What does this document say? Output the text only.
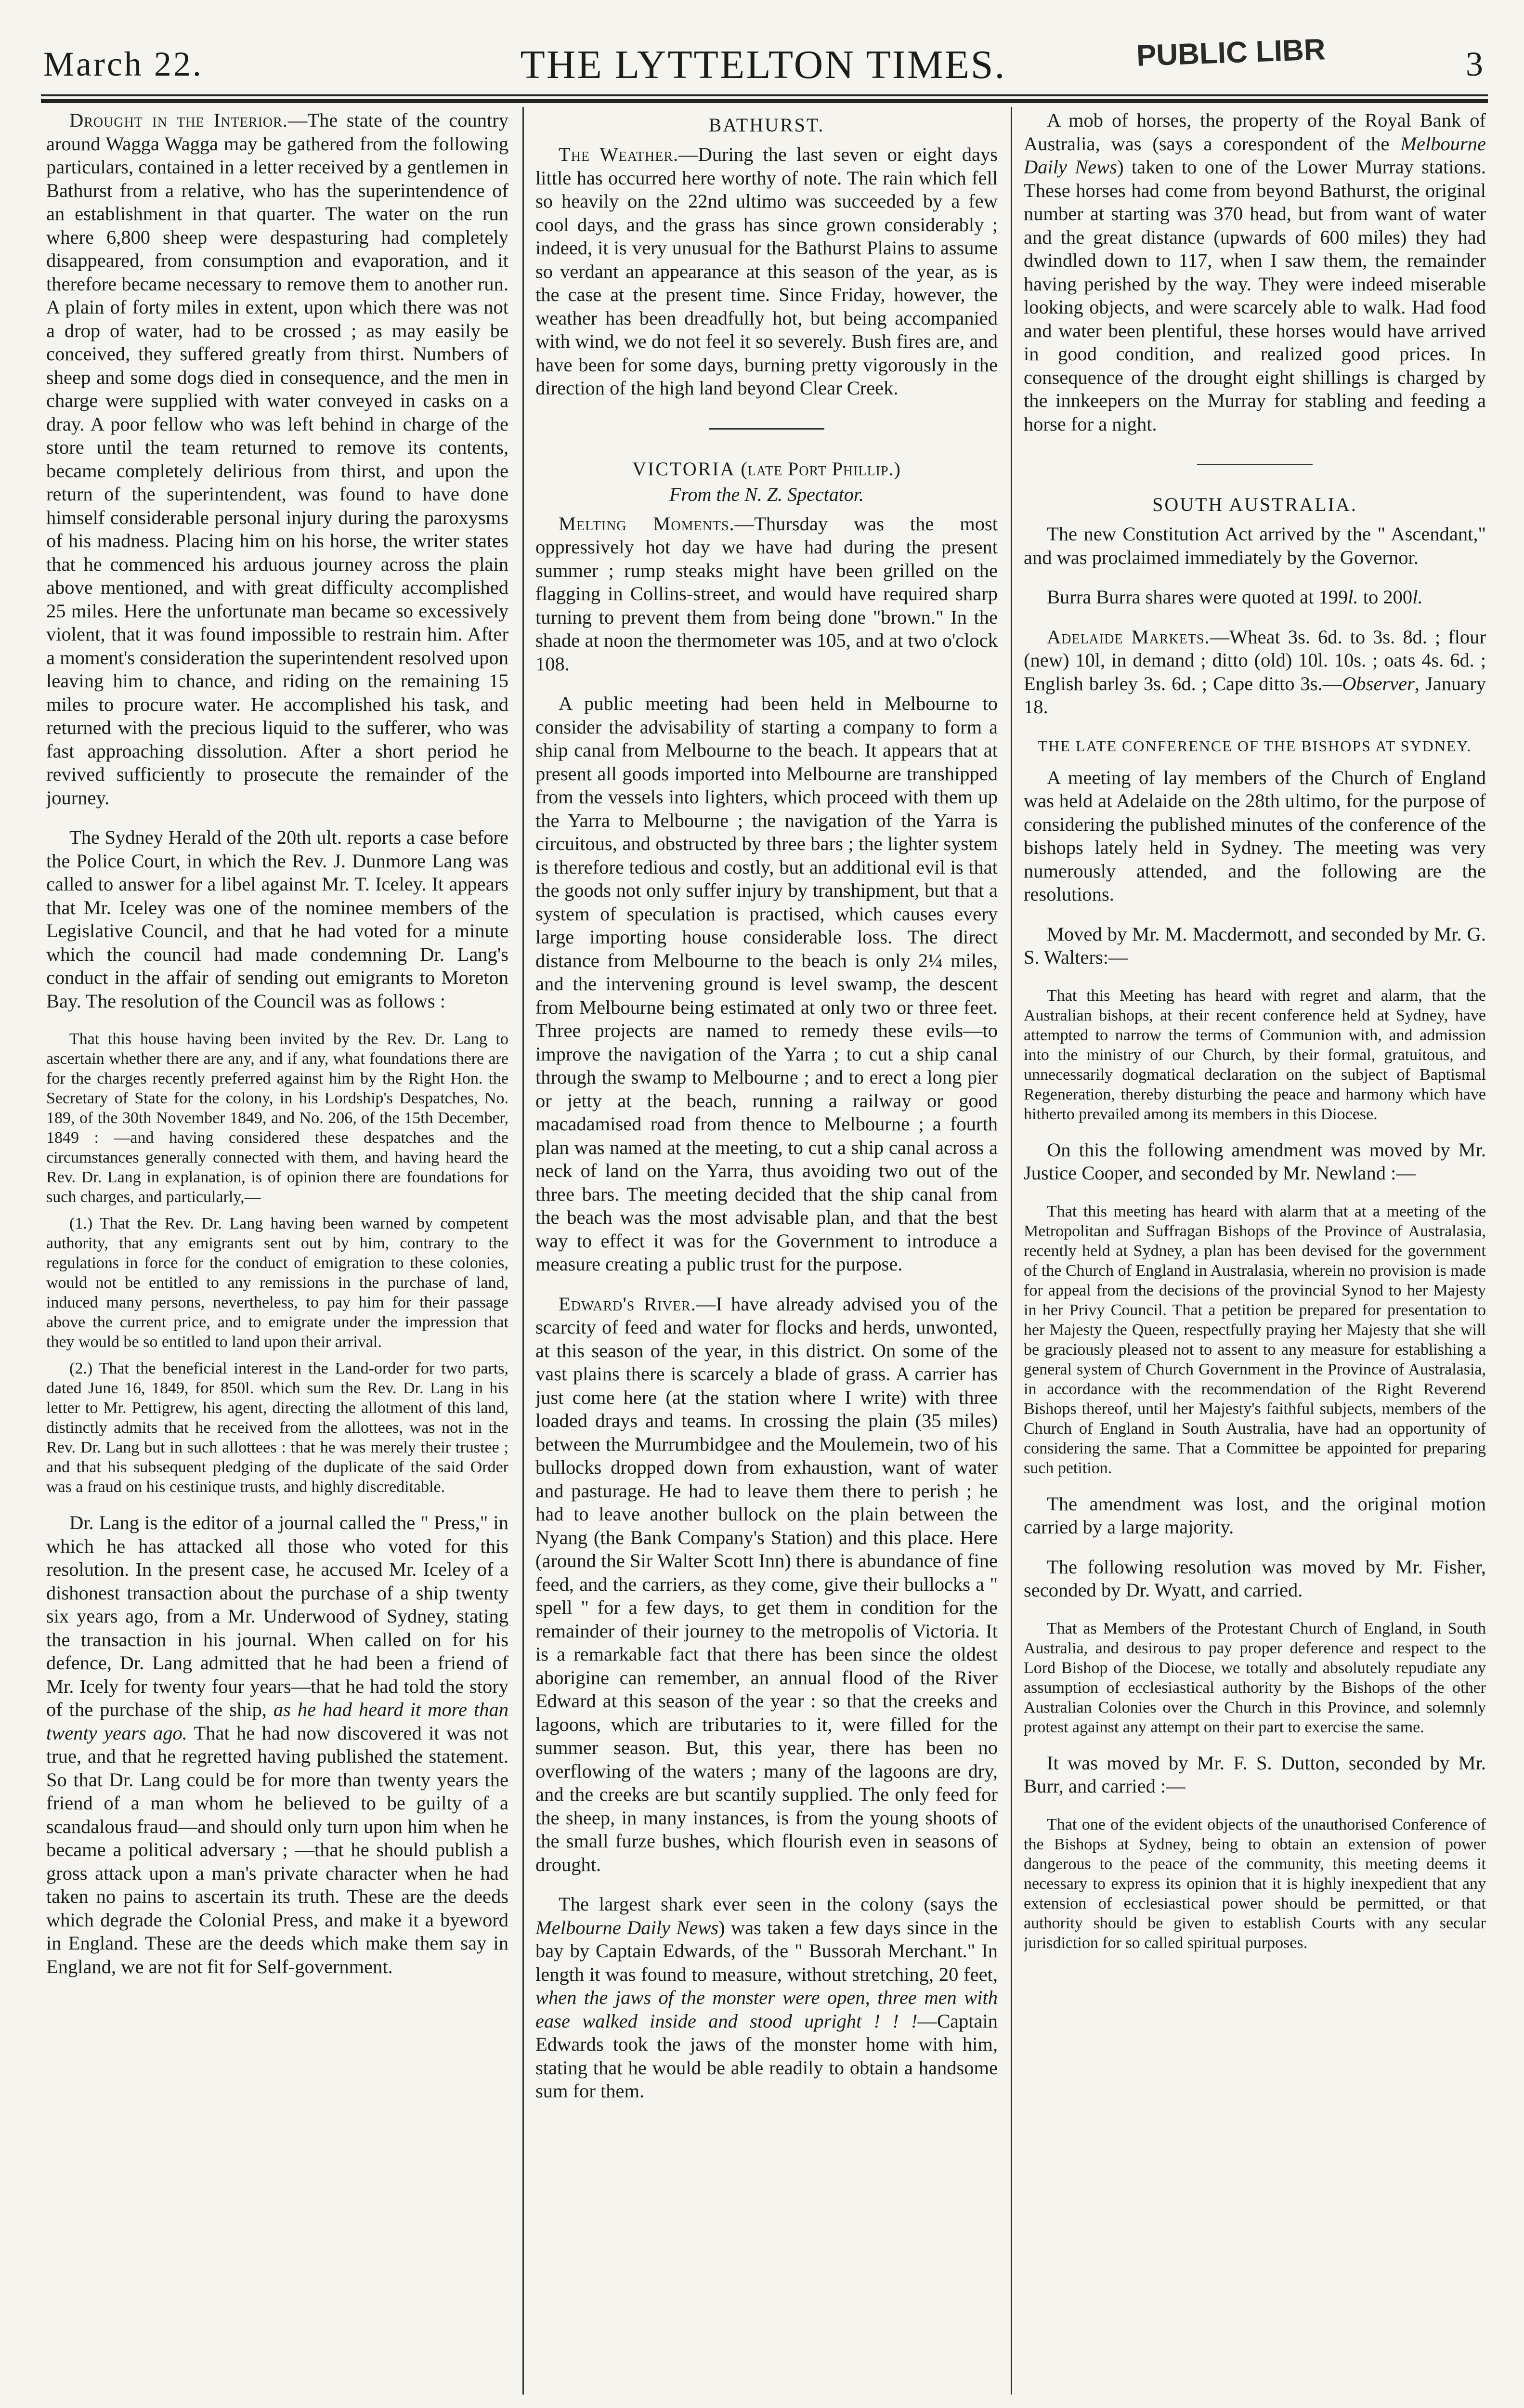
March 22.	THE LYTTELTON TIMES.	PUBLIC LIBR	3

Drought in the Interior.—The state of the country around Wagga Wagga may be gathered from the following particulars, contained in a letter received by a gentlemen in Bathurst from a relative, who has the superintendence of an establishment in that quarter. The water on the run where 6,800 sheep were despasturing had completely disappeared, from consumption and evaporation, and it therefore became necessary to remove them to another run. A plain of forty miles in extent, upon which there was not a drop of water, had to be crossed ; as may easily be conceived, they suffered greatly from thirst. Numbers of sheep and some dogs died in consequence, and the men in charge were supplied with water conveyed in casks on a dray. A poor fellow who was left behind in charge of the store until the team returned to remove its contents, became completely delirious from thirst, and upon the return of the superintendent, was found to have done himself considerable personal injury during the paroxysms of his madness. Placing him on his horse, the writer states that he commenced his arduous journey across the plain above mentioned, and with great difficulty accomplished 25 miles. Here the unfortunate man became so excessively violent, that it was found impossible to restrain him. After a moment's consideration the superintendent resolved upon leaving him to chance, and riding on the remaining 15 miles to procure water. He accomplished his task, and returned with the precious liquid to the sufferer, who was fast approaching dissolution. After a short period he revived sufficiently to prosecute the remainder of the journey.

The Sydney Herald of the 20th ult. reports a case before the Police Court, in which the Rev. J. Dunmore Lang was called to answer for a libel against Mr. T. Iceley. It appears that Mr. Iceley was one of the nominee members of the Legislative Council, and that he had voted for a minute which the council had made condemning Dr. Lang's conduct in the affair of sending out emigrants to Moreton Bay. The resolution of the Council was as follows :

That this house having been invited by the Rev. Dr. Lang to ascertain whether there are any, and if any, what foundations there are for the charges recently preferred against him by the Right Hon. the Secretary of State for the colony, in his Lordship's Despatches, No. 189, of the 30th November 1849, and No. 206, of the 15th December, 1849 : —and having considered these despatches and the circumstances generally connected with them, and having heard the Rev. Dr. Lang in explanation, is of opinion there are foundations for such charges, and particularly,—

(1.) That the Rev. Dr. Lang having been warned by competent authority, that any emigrants sent out by him, contrary to the regulations in force for the conduct of emigration to these colonies, would not be entitled to any remissions in the purchase of land, induced many persons, nevertheless, to pay him for their passage above the current price, and to emigrate under the impression that they would be so entitled to land upon their arrival.

(2.) That the beneficial interest in the Land-order for two parts, dated June 16, 1849, for 850l. which sum the Rev. Dr. Lang in his letter to Mr. Pettigrew, his agent, directing the allotment of this land, distinctly admits that he received from the allottees, was not in the Rev. Dr. Lang but in such allottees : that he was merely their trustee ; and that his subsequent pledging of the duplicate of the said Order was a fraud on his cestinique trusts, and highly discreditable.

Dr. Lang is the editor of a journal called the " Press," in which he has attacked all those who voted for this resolution. In the present case, he accused Mr. Iceley of a dishonest transaction about the purchase of a ship twenty six years ago, from a Mr. Underwood of Sydney, stating the transaction in his journal. When called on for his defence, Dr. Lang admitted that he had been a friend of Mr. Icely for twenty four years—that he had told the story of the purchase of the ship, as he had heard it more than twenty years ago. That he had now discovered it was not true, and that he regretted having published the statement. So that Dr. Lang could be for more than twenty years the friend of a man whom he believed to be guilty of a scandalous fraud—and should only turn upon him when he became a political adversary ; —that he should publish a gross attack upon a man's private character when he had taken no pains to ascertain its truth. These are the deeds which degrade the Colonial Press, and make it a byeword in England. These are the deeds which make them say in England, we are not fit for Self-government.

BATHURST.

The Weather.—During the last seven or eight days little has occurred here worthy of note. The rain which fell so heavily on the 22nd ultimo was succeeded by a few cool days, and the grass has since grown considerably ; indeed, it is very unusual for the Bathurst Plains to assume so verdant an appearance at this season of the year, as is the case at the present time. Since Friday, however, the weather has been dreadfully hot, but being accompanied with wind, we do not feel it so severely. Bush fires are, and have been for some days, burning pretty vigorously in the direction of the high land beyond Clear Creek.

VICTORIA (late Port Phillip.)
From the N. Z. Spectator.

Melting Moments.—Thursday was the most oppressively hot day we have had during the present summer ; rump steaks might have been grilled on the flagging in Collins-street, and would have required sharp turning to prevent them from being done "brown." In the shade at noon the thermometer was 105, and at two o'clock 108.

A public meeting had been held in Melbourne to consider the advisability of starting a company to form a ship canal from Melbourne to the beach. It appears that at present all goods imported into Melbourne are transhipped from the vessels into lighters, which proceed with them up the Yarra to Melbourne ; the navigation of the Yarra is circuitous, and obstructed by three bars ; the lighter system is therefore tedious and costly, but an additional evil is that the goods not only suffer injury by transhipment, but that a system of speculation is practised, which causes every large importing house considerable loss. The direct distance from Melbourne to the beach is only 2¼ miles, and the intervening ground is level swamp, the descent from Melbourne being estimated at only two or three feet. Three projects are named to remedy these evils—to improve the navigation of the Yarra ; to cut a ship canal through the swamp to Melbourne ; and to erect a long pier or jetty at the beach, running a railway or good macadamised road from thence to Melbourne ; a fourth plan was named at the meeting, to cut a ship canal across a neck of land on the Yarra, thus avoiding two out of the three bars. The meeting decided that the ship canal from the beach was the most advisable plan, and that the best way to effect it was for the Government to introduce a measure creating a public trust for the purpose.

Edward's River.—I have already advised you of the scarcity of feed and water for flocks and herds, unwonted, at this season of the year, in this district. On some of the vast plains there is scarcely a blade of grass. A carrier has just come here (at the station where I write) with three loaded drays and teams. In crossing the plain (35 miles) between the Murrumbidgee and the Moulemein, two of his bullocks dropped down from exhaustion, want of water and pasturage. He had to leave them there to perish ; he had to leave another bullock on the plain between the Nyang (the Bank Company's Station) and this place. Here (around the Sir Walter Scott Inn) there is abundance of fine feed, and the carriers, as they come, give their bullocks a " spell " for a few days, to get them in condition for the remainder of their journey to the metropolis of Victoria. It is a remarkable fact that there has been since the oldest aborigine can remember, an annual flood of the River Edward at this season of the year : so that the creeks and lagoons, which are tributaries to it, were filled for the summer season. But, this year, there has been no overflowing of the waters ; many of the lagoons are dry, and the creeks are but scantily supplied. The only feed for the sheep, in many instances, is from the young shoots of the small furze bushes, which flourish even in seasons of drought.

The largest shark ever seen in the colony (says the Melbourne Daily News) was taken a few days since in the bay by Captain Edwards, of the " Bussorah Merchant." In length it was found to measure, without stretching, 20 feet, when the jaws of the monster were open, three men with ease walked inside and stood upright ! ! !—Captain Edwards took the jaws of the monster home with him, stating that he would be able readily to obtain a handsome sum for them.

A mob of horses, the property of the Royal Bank of Australia, was (says a corespondent of the Melbourne Daily News) taken to one of the Lower Murray stations. These horses had come from beyond Bathurst, the original number at starting was 370 head, but from want of water and the great distance (upwards of 600 miles) they had dwindled down to 117, when I saw them, the remainder having perished by the way. They were indeed miserable looking objects, and were scarcely able to walk. Had food and water been plentiful, these horses would have arrived in good condition, and realized good prices. In consequence of the drought eight shillings is charged by the innkeepers on the Murray for stabling and feeding a horse for a night.

SOUTH AUSTRALIA.

The new Constitution Act arrived by the " Ascendant," and was proclaimed immediately by the Governor.

Burra Burra shares were quoted at 199l. to 200l.

Adelaide Markets.—Wheat 3s. 6d. to 3s. 8d. ; flour (new) 10l, in demand ; ditto (old) 10l. 10s. ; oats 4s. 6d. ; English barley 3s. 6d. ; Cape ditto 3s.—Observer, January 18.

THE LATE CONFERENCE OF THE BISHOPS AT SYDNEY.

A meeting of lay members of the Church of England was held at Adelaide on the 28th ultimo, for the purpose of considering the published minutes of the conference of the bishops lately held in Sydney. The meeting was very numerously attended, and the following are the resolutions.

Moved by Mr. M. Macdermott, and seconded by Mr. G. S. Walters:—

That this Meeting has heard with regret and alarm, that the Australian bishops, at their recent conference held at Sydney, have attempted to narrow the terms of Communion with, and admission into the ministry of our Church, by their formal, gratuitous, and unnecessarily dogmatical declaration on the subject of Baptismal Regeneration, thereby disturbing the peace and harmony which have hitherto prevailed among its members in this Diocese.

On this the following amendment was moved by Mr. Justice Cooper, and seconded by Mr. Newland :—

That this meeting has heard with alarm that at a meeting of the Metropolitan and Suffragan Bishops of the Province of Australasia, recently held at Sydney, a plan has been devised for the government of the Church of England in Australasia, wherein no provision is made for appeal from the decisions of the provincial Synod to her Majesty in her Privy Council. That a petition be prepared for presentation to her Majesty the Queen, respectfully praying her Majesty that she will be graciously pleased not to assent to any measure for establishing a general system of Church Government in the Province of Australasia, in accordance with the recommendation of the Right Reverend Bishops thereof, until her Majesty's faithful subjects, members of the Church of England in South Australia, have had an opportunity of considering the same. That a Committee be appointed for preparing such petition.

The amendment was lost, and the original motion carried by a large majority.

The following resolution was moved by Mr. Fisher, seconded by Dr. Wyatt, and carried.

That as Members of the Protestant Church of England, in South Australia, and desirous to pay proper deference and respect to the Lord Bishop of the Diocese, we totally and absolutely repudiate any assumption of ecclesiastical authority by the Bishops of the other Australian Colonies over the Church in this Province, and solemnly protest against any attempt on their part to exercise the same.

It was moved by Mr. F. S. Dutton, seconded by Mr. Burr, and carried :—

That one of the evident objects of the unauthorised Conference of the Bishops at Sydney, being to obtain an extension of power dangerous to the peace of the community, this meeting deems it necessary to express its opinion that it is highly inexpedient that any extension of ecclesiastical power should be permitted, or that authority should be given to establish Courts with any secular jurisdiction for so called spiritual purposes.
